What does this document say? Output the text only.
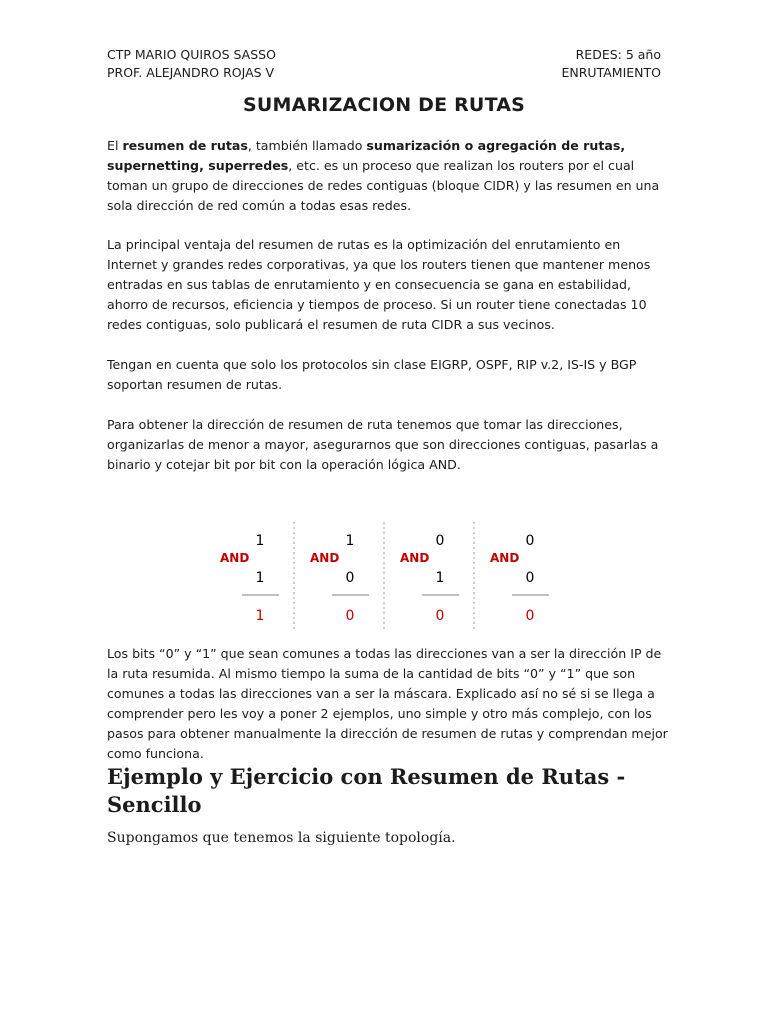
CTP MARIO QUIROS SASSO
PROF. ALEJANDRO ROJAS V
REDES: 5 año
ENRUTAMIENTO
SUMARIZACION DE RUTAS

El resumen de rutas, también llamado sumarización o agregación de rutas, supernetting, superredes, etc. es un proceso que realizan los routers por el cual toman un grupo de direcciones de redes contiguas (bloque CIDR) y las resumen en una sola dirección de red común a todas esas redes.

La principal ventaja del resumen de rutas es la optimización del enrutamiento en Internet y grandes redes corporativas, ya que los routers tienen que mantener menos entradas en sus tablas de enrutamiento y en consecuencia se gana en estabilidad, ahorro de recursos, eficiencia y tiempos de proceso. Si un router tiene conectadas 10 redes contiguas, solo publicará el resumen de ruta CIDR a sus vecinos.

Tengan en cuenta que solo los protocolos sin clase EIGRP, OSPF, RIP v.2, IS-IS y BGP soportan resumen de rutas.

Para obtener la dirección de resumen de ruta tenemos que tomar las direcciones, organizarlas de menor a mayor, asegurarnos que son direcciones contiguas, pasarlas a binario y cotejar bit por bit con la operación lógica AND.

AND
1
1
1
AND
1
0
0
AND
0
1
0
AND
0
0
0

Los bits “0” y “1” que sean comunes a todas las direcciones van a ser la dirección IP de la ruta resumida. Al mismo tiempo la suma de la cantidad de bits “0” y “1” que son comunes a todas las direcciones van a ser la máscara. Explicado así no sé si se llega a comprender pero les voy a poner 2 ejemplos, uno simple y otro más complejo, con los pasos para obtener manualmente la dirección de resumen de rutas y comprendan mejor como funciona.

Ejemplo y Ejercicio con Resumen de Rutas - Sencillo
Supongamos que tenemos la siguiente topología.
